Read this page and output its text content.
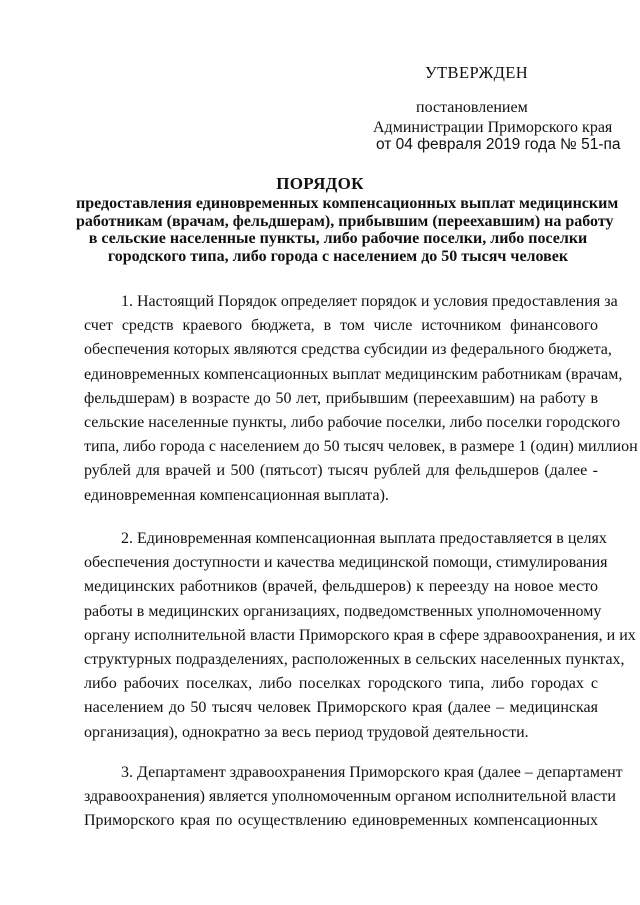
УТВЕРЖДЕН
постановлением
Администрации Приморского края
от 04 февраля 2019 года № 51-па
ПОРЯДОК
предоставления единовременных компенсационных выплат медицинским
работникам (врачам, фельдшерам), прибывшим (переехавшим) на работу
в сельские населенные пункты, либо рабочие поселки, либо поселки
городского типа, либо города с населением до 50 тысяч человек
1. Настоящий Порядок определяет порядок и условия предоставления за
счет средств краевого бюджета, в том числе источником финансового
обеспечения которых являются средства субсидии из федерального бюджета,
единовременных компенсационных выплат медицинским работникам (врачам,
фельдшерам) в возрасте до 50 лет, прибывшим (переехавшим) на работу в
сельские населенные пункты, либо рабочие поселки, либо поселки городского
типа, либо города с населением до 50 тысяч человек, в размере 1 (один) миллион
рублей для врачей и 500 (пятьсот) тысяч рублей для фельдшеров (далее -
единовременная компенсационная выплата).
2. Единовременная компенсационная выплата предоставляется в целях
обеспечения доступности и качества медицинской помощи, стимулирования
медицинских работников (врачей, фельдшеров) к переезду на новое место
работы в медицинских организациях, подведомственных уполномоченному
органу исполнительной власти Приморского края в сфере здравоохранения, и их
структурных подразделениях, расположенных в сельских населенных пунктах,
либо рабочих поселках, либо поселках городского типа, либо городах с
населением до 50 тысяч человек Приморского края (далее – медицинская
организация), однократно за весь период трудовой деятельности.
3. Департамент здравоохранения Приморского края (далее – департамент
здравоохранения) является уполномоченным органом исполнительной власти
Приморского края по осуществлению единовременных компенсационных
